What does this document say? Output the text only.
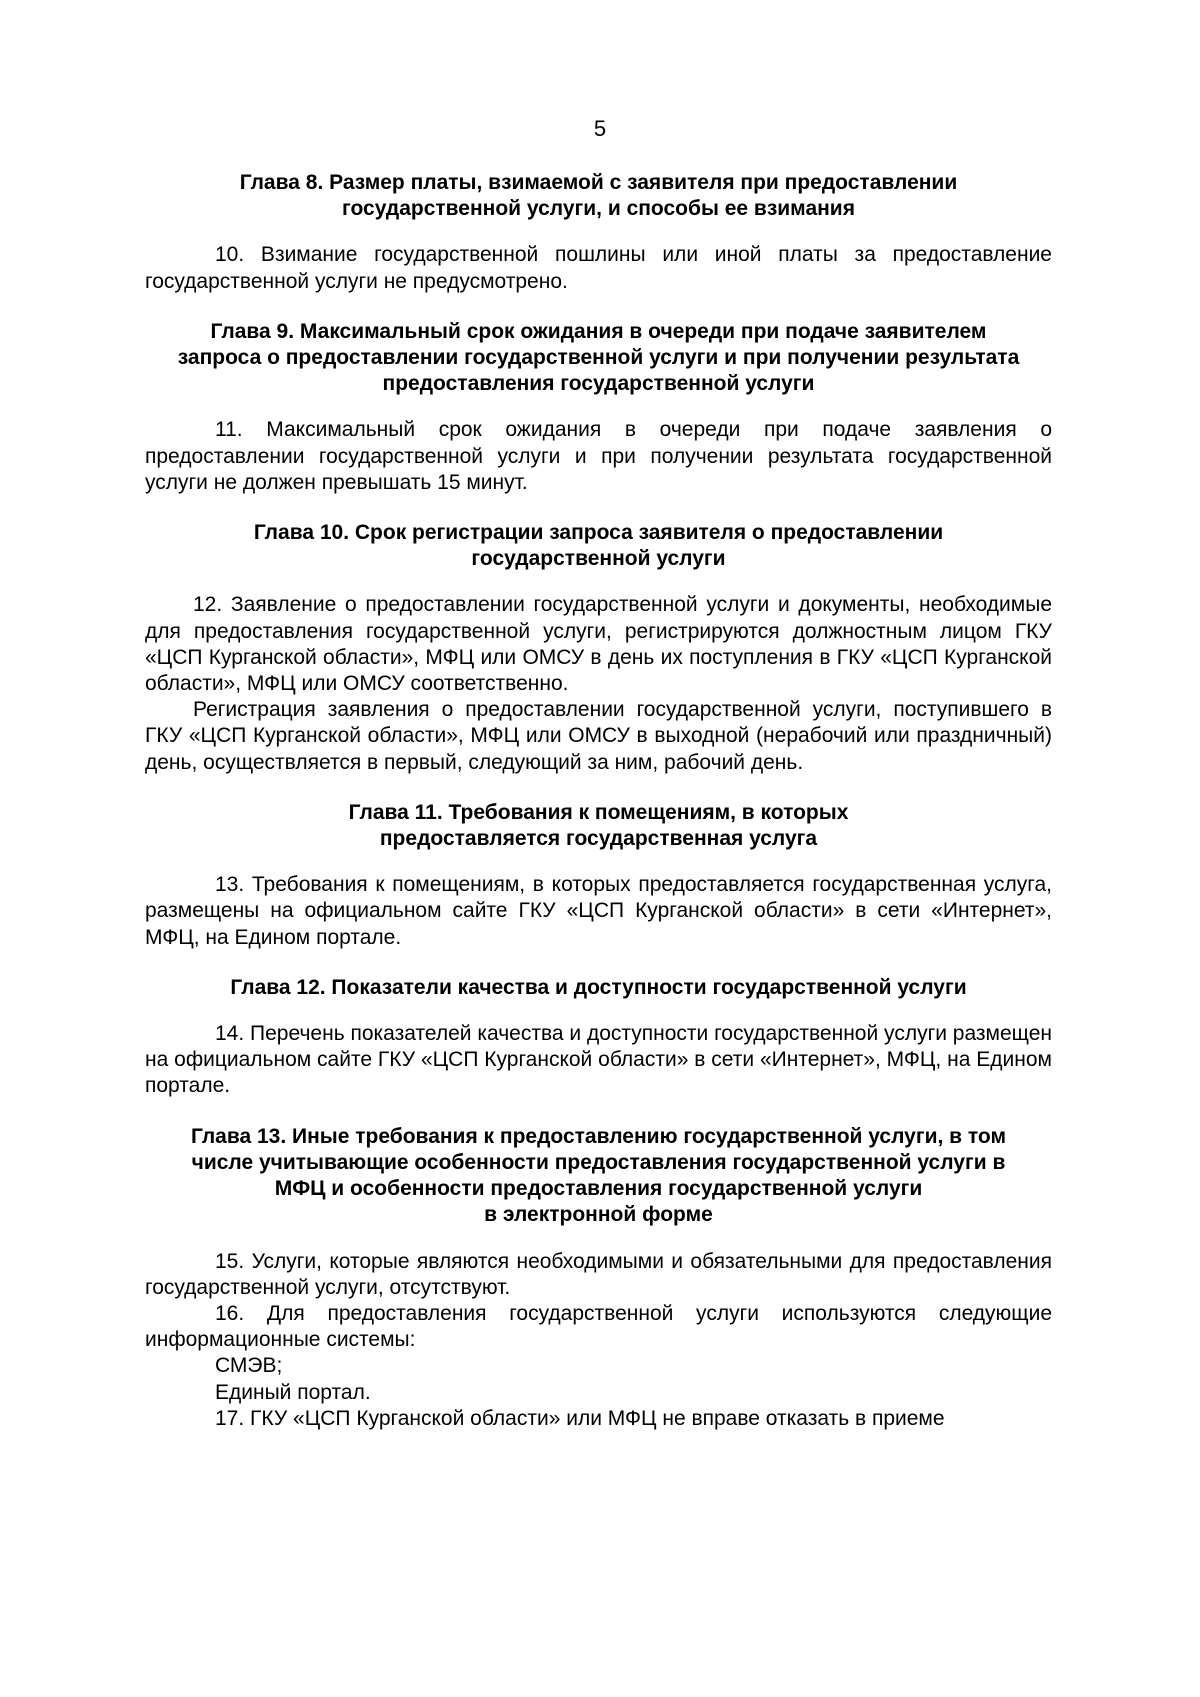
5
Глава 8. Размер платы, взимаемой с заявителя при предоставлении
государственной услуги, и способы ее взимания

10. Взимание государственной пошлины или иной платы за предоставление государственной услуги не предусмотрено.

Глава 9. Максимальный срок ожидания в очереди при подаче заявителем
запроса о предоставлении государственной услуги и при получении результата
предоставления государственной услуги

11. Максимальный срок ожидания в очереди при подаче заявления о предоставлении государственной услуги и при получении результата государственной услуги не должен превышать 15 минут.

Глава 10. Срок регистрации запроса заявителя о предоставлении
государственной услуги

12. Заявление о предоставлении государственной услуги и документы, необходимые для предоставления государственной услуги, регистрируются должностным лицом ГКУ «ЦСП Курганской области», МФЦ или ОМСУ в день их поступления в ГКУ «ЦСП Курганской области», МФЦ или ОМСУ соответственно.

Регистрация заявления о предоставлении государственной услуги, поступившего в ГКУ «ЦСП Курганской области», МФЦ или ОМСУ в выходной (нерабочий или праздничный) день, осуществляется в первый, следующий за ним, рабочий день.

Глава 11. Требования к помещениям, в которых
предоставляется государственная услуга

13. Требования к помещениям, в которых предоставляется государственная услуга, размещены на официальном сайте ГКУ «ЦСП Курганской области» в сети «Интернет», МФЦ, на Едином портале.

Глава 12. Показатели качества и доступности государственной услуги

14. Перечень показателей качества и доступности государственной услуги размещен на официальном сайте ГКУ «ЦСП Курганской области» в сети «Интернет», МФЦ, на Едином портале.

Глава 13. Иные требования к предоставлению государственной услуги, в том
числе учитывающие особенности предоставления государственной услуги в
МФЦ и особенности предоставления государственной услуги
в электронной форме

15. Услуги, которые являются необходимыми и обязательными для предоставления государственной услуги, отсутствуют.

16. Для предоставления государственной услуги используются следующие информационные системы:

СМЭВ;

Единый портал.

17. ГКУ «ЦСП Курганской области» или МФЦ не вправе отказать в приеме
